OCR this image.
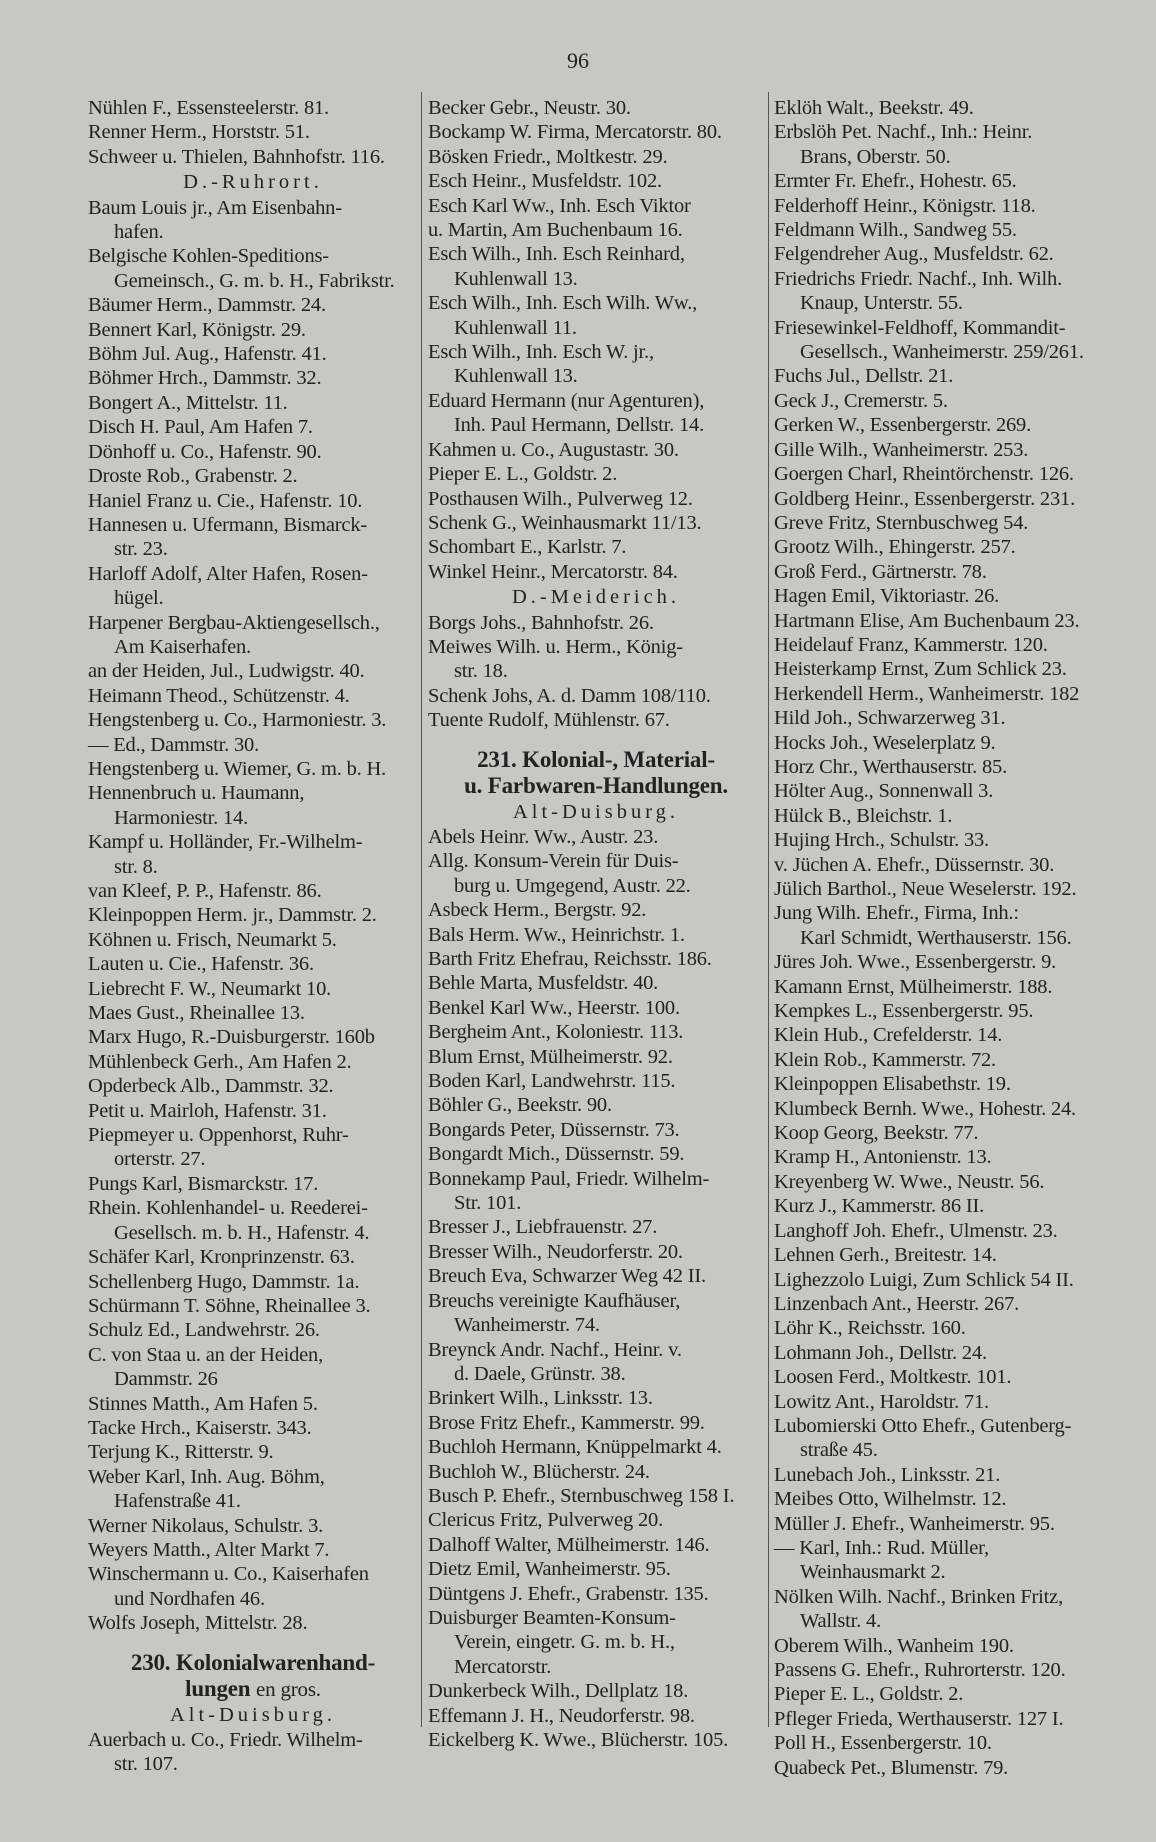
96
Nühlen F., Essensteelerstr. 81.
Renner Herm., Horststr. 51.
Schweer u. Thielen, Bahnhofstr. 116.
D.-Ruhrort.
Baum Louis jr., Am Eisenbahn-
hafen.
Belgische Kohlen-Speditions-
Gemeinsch., G. m. b. H., Fabrikstr.
Bäumer Herm., Dammstr. 24.
Bennert Karl, Königstr. 29.
Böhm Jul. Aug., Hafenstr. 41.
Böhmer Hrch., Dammstr. 32.
Bongert A., Mittelstr. 11.
Disch H. Paul, Am Hafen 7.
Dönhoff u. Co., Hafenstr. 90.
Droste Rob., Grabenstr. 2.
Haniel Franz u. Cie., Hafenstr. 10.
Hannesen u. Ufermann, Bismarck-
str. 23.
Harloff Adolf, Alter Hafen, Rosen-
hügel.
Harpener Bergbau-Aktiengesellsch.,
Am Kaiserhafen.
an der Heiden, Jul., Ludwigstr. 40.
Heimann Theod., Schützenstr. 4.
Hengstenberg u. Co., Harmoniestr. 3.
— Ed., Dammstr. 30.
Hengstenberg u. Wiemer, G. m. b. H.
Hennenbruch u. Haumann,
Harmoniestr. 14.
Kampf u. Holländer, Fr.-Wilhelm-
str. 8.
van Kleef, P. P., Hafenstr. 86.
Kleinpoppen Herm. jr., Dammstr. 2.
Köhnen u. Frisch, Neumarkt 5.
Lauten u. Cie., Hafenstr. 36.
Liebrecht F. W., Neumarkt 10.
Maes Gust., Rheinallee 13.
Marx Hugo, R.-Duisburgerstr. 160b
Mühlenbeck Gerh., Am Hafen 2.
Opderbeck Alb., Dammstr. 32.
Petit u. Mairloh, Hafenstr. 31.
Piepmeyer u. Oppenhorst, Ruhr-
orterstr. 27.
Pungs Karl, Bismarckstr. 17.
Rhein. Kohlenhandel- u. Reederei-
Gesellsch. m. b. H., Hafenstr. 4.
Schäfer Karl, Kronprinzenstr. 63.
Schellenberg Hugo, Dammstr. 1a.
Schürmann T. Söhne, Rheinallee 3.
Schulz Ed., Landwehrstr. 26.
C. von Staa u. an der Heiden,
Dammstr. 26
Stinnes Matth., Am Hafen 5.
Tacke Hrch., Kaiserstr. 343.
Terjung K., Ritterstr. 9.
Weber Karl, Inh. Aug. Böhm,
Hafenstraße 41.
Werner Nikolaus, Schulstr. 3.
Weyers Matth., Alter Markt 7.
Winschermann u. Co., Kaiserhafen
und Nordhafen 46.
Wolfs Joseph, Mittelstr. 28.
230. Kolonialwarenhand-
lungen en gros.
Alt-Duisburg.
Auerbach u. Co., Friedr. Wilhelm-
str. 107.
Becker Gebr., Neustr. 30.
Bockamp W. Firma, Mercatorstr. 80.
Bösken Friedr., Moltkestr. 29.
Esch Heinr., Musfeldstr. 102.
Esch Karl Ww., Inh. Esch Viktor
u. Martin, Am Buchenbaum 16.
Esch Wilh., Inh. Esch Reinhard,
Kuhlenwall 13.
Esch Wilh., Inh. Esch Wilh. Ww.,
Kuhlenwall 11.
Esch Wilh., Inh. Esch W. jr.,
Kuhlenwall 13.
Eduard Hermann (nur Agenturen),
Inh. Paul Hermann, Dellstr. 14.
Kahmen u. Co., Augustastr. 30.
Pieper E. L., Goldstr. 2.
Posthausen Wilh., Pulverweg 12.
Schenk G., Weinhausmarkt 11/13.
Schombart E., Karlstr. 7.
Winkel Heinr., Mercatorstr. 84.
D.-Meiderich.
Borgs Johs., Bahnhofstr. 26.
Meiwes Wilh. u. Herm., König-
str. 18.
Schenk Johs, A. d. Damm 108/110.
Tuente Rudolf, Mühlenstr. 67.
231. Kolonial-, Material-
u. Farbwaren-Handlungen.
Alt-Duisburg.
Abels Heinr. Ww., Austr. 23.
Allg. Konsum-Verein für Duis-
burg u. Umgegend, Austr. 22.
Asbeck Herm., Bergstr. 92.
Bals Herm. Ww., Heinrichstr. 1.
Barth Fritz Ehefrau, Reichsstr. 186.
Behle Marta, Musfeldstr. 40.
Benkel Karl Ww., Heerstr. 100.
Bergheim Ant., Koloniestr. 113.
Blum Ernst, Mülheimerstr. 92.
Boden Karl, Landwehrstr. 115.
Böhler G., Beekstr. 90.
Bongards Peter, Düssernstr. 73.
Bongardt Mich., Düssernstr. 59.
Bonnekamp Paul, Friedr. Wilhelm-
Str. 101.
Bresser J., Liebfrauenstr. 27.
Bresser Wilh., Neudorferstr. 20.
Breuch Eva, Schwarzer Weg 42 II.
Breuchs vereinigte Kaufhäuser,
Wanheimerstr. 74.
Breynck Andr. Nachf., Heinr. v.
d. Daele, Grünstr. 38.
Brinkert Wilh., Linksstr. 13.
Brose Fritz Ehefr., Kammerstr. 99.
Buchloh Hermann, Knüppelmarkt 4.
Buchloh W., Blücherstr. 24.
Busch P. Ehefr., Sternbuschweg 158 I.
Clericus Fritz, Pulverweg 20.
Dalhoff Walter, Mülheimerstr. 146.
Dietz Emil, Wanheimerstr. 95.
Düntgens J. Ehefr., Grabenstr. 135.
Duisburger Beamten-Konsum-
Verein, eingetr. G. m. b. H.,
Mercatorstr.
Dunkerbeck Wilh., Dellplatz 18.
Effemann J. H., Neudorferstr. 98.
Eickelberg K. Wwe., Blücherstr. 105.
Eklöh Walt., Beekstr. 49.
Erbslöh Pet. Nachf., Inh.: Heinr.
Brans, Oberstr. 50.
Ermter Fr. Ehefr., Hohestr. 65.
Felderhoff Heinr., Königstr. 118.
Feldmann Wilh., Sandweg 55.
Felgendreher Aug., Musfeldstr. 62.
Friedrichs Friedr. Nachf., Inh. Wilh.
Knaup, Unterstr. 55.
Friesewinkel-Feldhoff, Kommandit-
Gesellsch., Wanheimerstr. 259/261.
Fuchs Jul., Dellstr. 21.
Geck J., Cremerstr. 5.
Gerken W., Essenbergerstr. 269.
Gille Wilh., Wanheimerstr. 253.
Goergen Charl, Rheintörchenstr. 126.
Goldberg Heinr., Essenbergerstr. 231.
Greve Fritz, Sternbuschweg 54.
Grootz Wilh., Ehingerstr. 257.
Groß Ferd., Gärtnerstr. 78.
Hagen Emil, Viktoriastr. 26.
Hartmann Elise, Am Buchenbaum 23.
Heidelauf Franz, Kammerstr. 120.
Heisterkamp Ernst, Zum Schlick 23.
Herkendell Herm., Wanheimerstr. 182
Hild Joh., Schwarzerweg 31.
Hocks Joh., Weselerplatz 9.
Horz Chr., Werthauserstr. 85.
Hölter Aug., Sonnenwall 3.
Hülck B., Bleichstr. 1.
Hujing Hrch., Schulstr. 33.
v. Jüchen A. Ehefr., Düssernstr. 30.
Jülich Barthol., Neue Weselerstr. 192.
Jung Wilh. Ehefr., Firma, Inh.:
Karl Schmidt, Werthauserstr. 156.
Jüres Joh. Wwe., Essenbergerstr. 9.
Kamann Ernst, Mülheimerstr. 188.
Kempkes L., Essenbergerstr. 95.
Klein Hub., Crefelderstr. 14.
Klein Rob., Kammerstr. 72.
Kleinpoppen Elisabethstr. 19.
Klumbeck Bernh. Wwe., Hohestr. 24.
Koop Georg, Beekstr. 77.
Kramp H., Antonienstr. 13.
Kreyenberg W. Wwe., Neustr. 56.
Kurz J., Kammerstr. 86 II.
Langhoff Joh. Ehefr., Ulmenstr. 23.
Lehnen Gerh., Breitestr. 14.
Lighezzolo Luigi, Zum Schlick 54 II.
Linzenbach Ant., Heerstr. 267.
Löhr K., Reichsstr. 160.
Lohmann Joh., Dellstr. 24.
Loosen Ferd., Moltkestr. 101.
Lowitz Ant., Haroldstr. 71.
Lubomierski Otto Ehefr., Gutenberg-
straße 45.
Lunebach Joh., Linksstr. 21.
Meibes Otto, Wilhelmstr. 12.
Müller J. Ehefr., Wanheimerstr. 95.
— Karl, Inh.: Rud. Müller,
Weinhausmarkt 2.
Nölken Wilh. Nachf., Brinken Fritz,
Wallstr. 4.
Oberem Wilh., Wanheim 190.
Passens G. Ehefr., Ruhrorterstr. 120.
Pieper E. L., Goldstr. 2.
Pfleger Frieda, Werthauserstr. 127 I.
Poll H., Essenbergerstr. 10.
Quabeck Pet., Blumenstr. 79.
